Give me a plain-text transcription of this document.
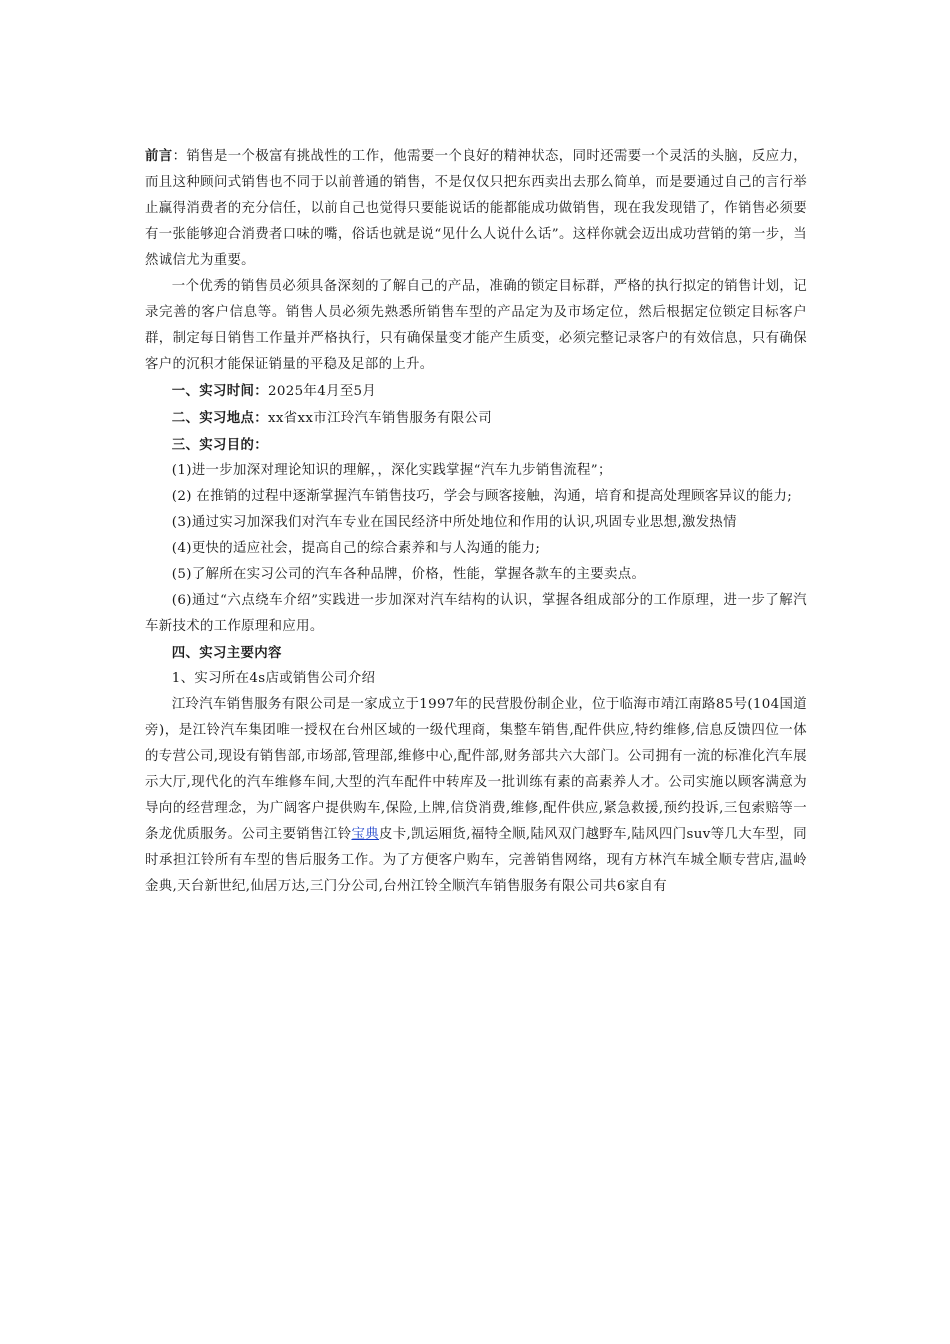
前言：销售是一个极富有挑战性的工作，他需要一个良好的精神状态，同时还需要一个灵活的头脑，反应力，而且这种顾问式销售也不同于以前普通的销售，不是仅仅只把东西卖出去那么简单，而是要通过自己的言行举止赢得消费者的充分信任，以前自己也觉得只要能说话的能都能成功做销售，现在我发现错了，作销售必须要有一张能够迎合消费者口味的嘴，俗话也就是说“见什么人说什么话”。这样你就会迈出成功营销的第一步，当然诚信尤为重要。

一个优秀的销售员必须具备深刻的了解自己的产品，准确的锁定目标群，严格的执行拟定的销售计划，记录完善的客户信息等。销售人员必须先熟悉所销售车型的产品定为及市场定位，然后根据定位锁定目标客户群，制定每日销售工作量并严格执行，只有确保量变才能产生质变，必须完整记录客户的有效信息，只有确保客户的沉积才能保证销量的平稳及足部的上升。

一、实习时间：2025年4月至5月

二、实习地点：xx省xx市江玲汽车销售服务有限公司

三、实习目的：

(1)进一步加深对理论知识的理解，，深化实践掌握“汽车九步销售流程”；

(2) 在推销的过程中逐渐掌握汽车销售技巧，学会与顾客接触，沟通，培育和提高处理顾客异议的能力;

(3)通过实习加深我们对汽车专业在国民经济中所处地位和作用的认识,巩固专业思想,激发热情

(4)更快的适应社会，提高自己的综合素养和与人沟通的能力;

(5)了解所在实习公司的汽车各种品牌，价格，性能，掌握各款车的主要卖点。

(6)通过“六点绕车介绍”实践进一步加深对汽车结构的认识，掌握各组成部分的工作原理，进一步了解汽车新技术的工作原理和应用。

四、实习主要内容

1、实习所在4s店或销售公司介绍

江玲汽车销售服务有限公司是一家成立于1997年的民营股份制企业，位于临海市靖江南路85号(104国道旁)，是江铃汽车集团唯一授权在台州区域的一级代理商，集整车销售,配件供应,特约维修,信息反馈四位一体的专营公司,现设有销售部,市场部,管理部,维修中心,配件部,财务部共六大部门。公司拥有一流的标准化汽车展示大厅,现代化的汽车维修车间,大型的汽车配件中转库及一批训练有素的高素养人才。公司实施以顾客满意为导向的经营理念，为广阔客户提供购车,保险,上牌,信贷消费,维修,配件供应,紧急救援,预约投诉,三包索赔等一条龙优质服务。公司主要销售江铃宝典皮卡,凯运厢货,福特全顺,陆风双门越野车,陆风四门suv等几大车型，同时承担江铃所有车型的售后服务工作。为了方便客户购车，完善销售网络，现有方林汽车城全顺专营店,温岭金典,天台新世纪,仙居万达,三门分公司,台州江铃全顺汽车销售服务有限公司共6家自有
